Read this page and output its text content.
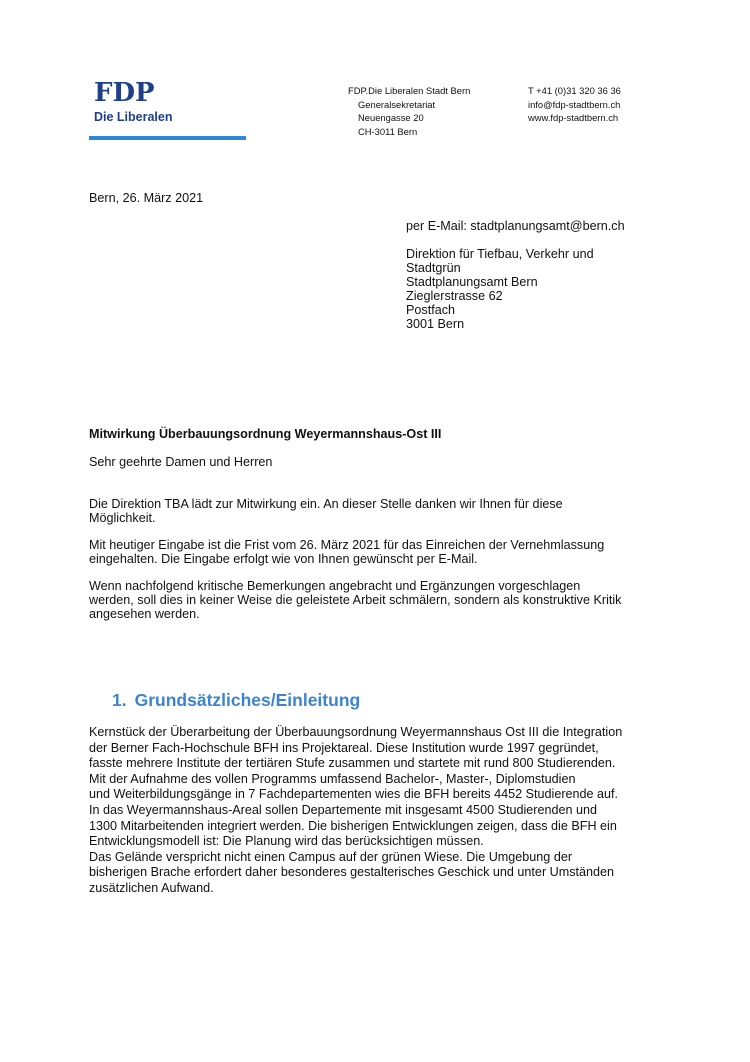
FDP
Die Liberalen
FDP.Die Liberalen Stadt Bern
Generalsekretariat
Neuengasse 20
CH-3011 Bern
T +41 (0)31 320 36 36
info@fdp-stadtbern.ch
www.fdp-stadtbern.ch
Bern, 26. März 2021
per E-Mail: stadtplanungsamt@bern.ch
Direktion für Tiefbau, Verkehr und
Stadtgrün
Stadtplanungsamt Bern
Zieglerstrasse 62
Postfach
3001 Bern
Mitwirkung Überbauungsordnung Weyermannshaus-Ost III
Sehr geehrte Damen und Herren
Die Direktion TBA lädt zur Mitwirkung ein. An dieser Stelle danken wir Ihnen für diese
Möglichkeit.
Mit heutiger Eingabe ist die Frist vom 26. März 2021 für das Einreichen der Vernehmlassung
eingehalten. Die Eingabe erfolgt wie von Ihnen gewünscht per E-Mail.
Wenn nachfolgend kritische Bemerkungen angebracht und Ergänzungen vorgeschlagen
werden, soll dies in keiner Weise die geleistete Arbeit schmälern, sondern als konstruktive Kritik
angesehen werden.
1. Grundsätzliches/Einleitung
Kernstück der Überarbeitung der Überbauungsordnung Weyermannshaus Ost III die Integration
der Berner Fach-Hochschule BFH ins Projektareal. Diese Institution wurde 1997 gegründet,
fasste mehrere Institute der tertiären Stufe zusammen und startete mit rund 800 Studierenden.
Mit der Aufnahme des vollen Programms umfassend Bachelor-, Master-, Diplomstudien
und Weiterbildungsgänge in 7 Fachdepartementen wies die BFH bereits 4452 Studierende auf.
In das Weyermannshaus-Areal sollen Departemente mit insgesamt 4500 Studierenden und
1300 Mitarbeitenden integriert werden. Die bisherigen Entwicklungen zeigen, dass die BFH ein
Entwicklungsmodell ist: Die Planung wird das berücksichtigen müssen.
Das Gelände verspricht nicht einen Campus auf der grünen Wiese. Die Umgebung der
bisherigen Brache erfordert daher besonderes gestalterisches Geschick und unter Umständen
zusätzlichen Aufwand.
